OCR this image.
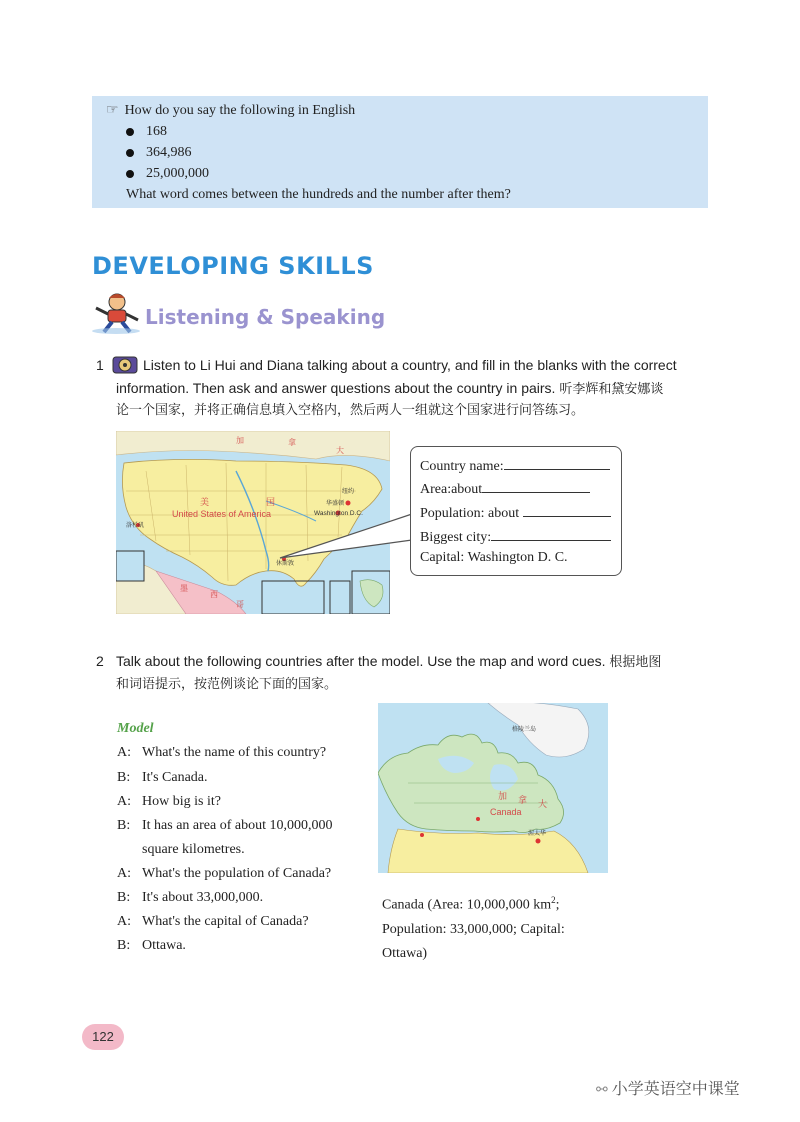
☞ How do you say the following in English
168
364,986
25,000,000
What word comes between the hundreds and the number after them?
DEVELOPING SKILLS
Listening & Speaking
1	Listen to Li Hui and Diana talking about a country, and fill in the blanks with the correct
information. Then ask and answer questions about the country in pairs. 听李辉和黛安娜谈
论一个国家，并将正确信息填入空格内，然后两人一组就这个国家进行问答练习。
United States of America	Washington D.C.
洛杉矶
华盛顿
休斯敦
纽约
美	国
墨
西
哥
加	拿
大
Country name:
Area:about
Population: about
Biggest city:
Capital: Washington D. C.
2 Talk about the following countries after the model. Use the map and word cues. 根据地图
和词语提示，按范例谈论下面的国家。
Model
A: What's the name of this country?
B: It's Canada.
A: How big is it?
B: It has an area of about 10,000,000
square kilometres.
A: What's the population of Canada?
B: It's about 33,000,000.
A: What's the capital of Canada?
B: Ottawa.
Canada
加 拿 大
格陵兰岛
渥太华
Canada (Area: 10,000,000 $km^2$;
Population: 33,000,000; Capital:
Ottawa)
122
⚯ 小学英语空中课堂
